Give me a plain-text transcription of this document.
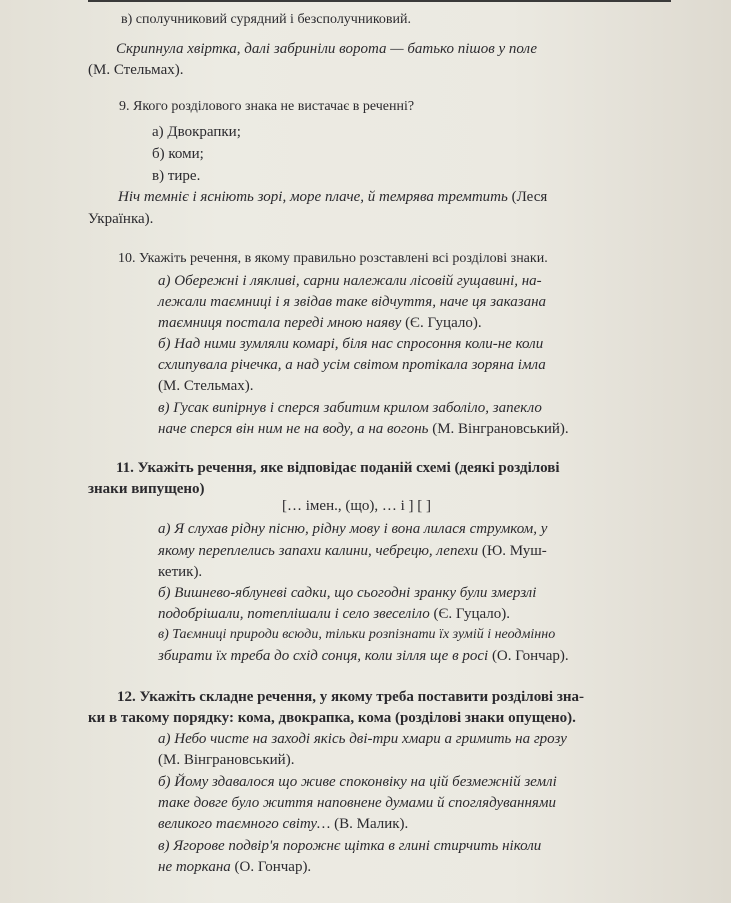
в) сполучниковий сурядний і безсполучниковий.
Скрипнула хвіртка, далі забриніли ворота — батько пішов у поле
(М. Стельмах).
9. Якого розділового знака не вистачає в реченні?
а) Двокрапки;
б) коми;
в) тире.
Ніч темніє і ясніють зорі, море плаче, й темрява тремтить (Леся
Українка).
10. Укажіть речення, в якому правильно розставлені всі розділові знаки.
а) Обережні і лякливі, сарни належали лісовій гущавині, на-
лежали таємниці і я звідав таке відчуття, наче ця заказана
таємниця постала переді мною наяву (Є. Гуцало).
б) Над ними зумляли комарі, біля нас спросоння коли-не коли
схлипувала річечка, а над усім світом протікала зоряна імла
(М. Стельмах).
в) Гусак випірнув і сперся забитим крилом заболіло, запекло
наче сперся він ним не на воду, а на вогонь (М. Вінграновський).
11. Укажіть речення, яке відповідає поданій схемі (деякі розділові
знаки випущено)
[… імен., (що), … і ] [ ]
а) Я слухав рідну пісню, рідну мову і вона лилася струмком, у
якому переплелись запахи калини, чебрецю, лепехи (Ю. Муш-
кетик).
б) Вишнево-яблуневі садки, що сьогодні зранку були змерзлі
подобрішали, потеплішали і село звеселіло (Є. Гуцало).
в) Таємниці природи всюди, тільки розпізнати їх зумій і неодмінно
збирати їх треба до схід сонця, коли зілля ще в росі (О. Гончар).
12. Укажіть складне речення, у якому треба поставити розділові зна-
ки в такому порядку: кома, двокрапка, кома (розділові знаки опущено).
а) Небо чисте на заході якісь дві-три хмари а гримить на грозу
(М. Вінграновський).
б) Йому здавалося що живе споконвіку на цій безмежній землі
таке довге було життя наповнене думами й споглядуваннями
великого таємного світу… (В. Малик).
в) Ягорове подвір'я порожнє щітка в глині стирчить ніколи
не торкана (О. Гончар).
